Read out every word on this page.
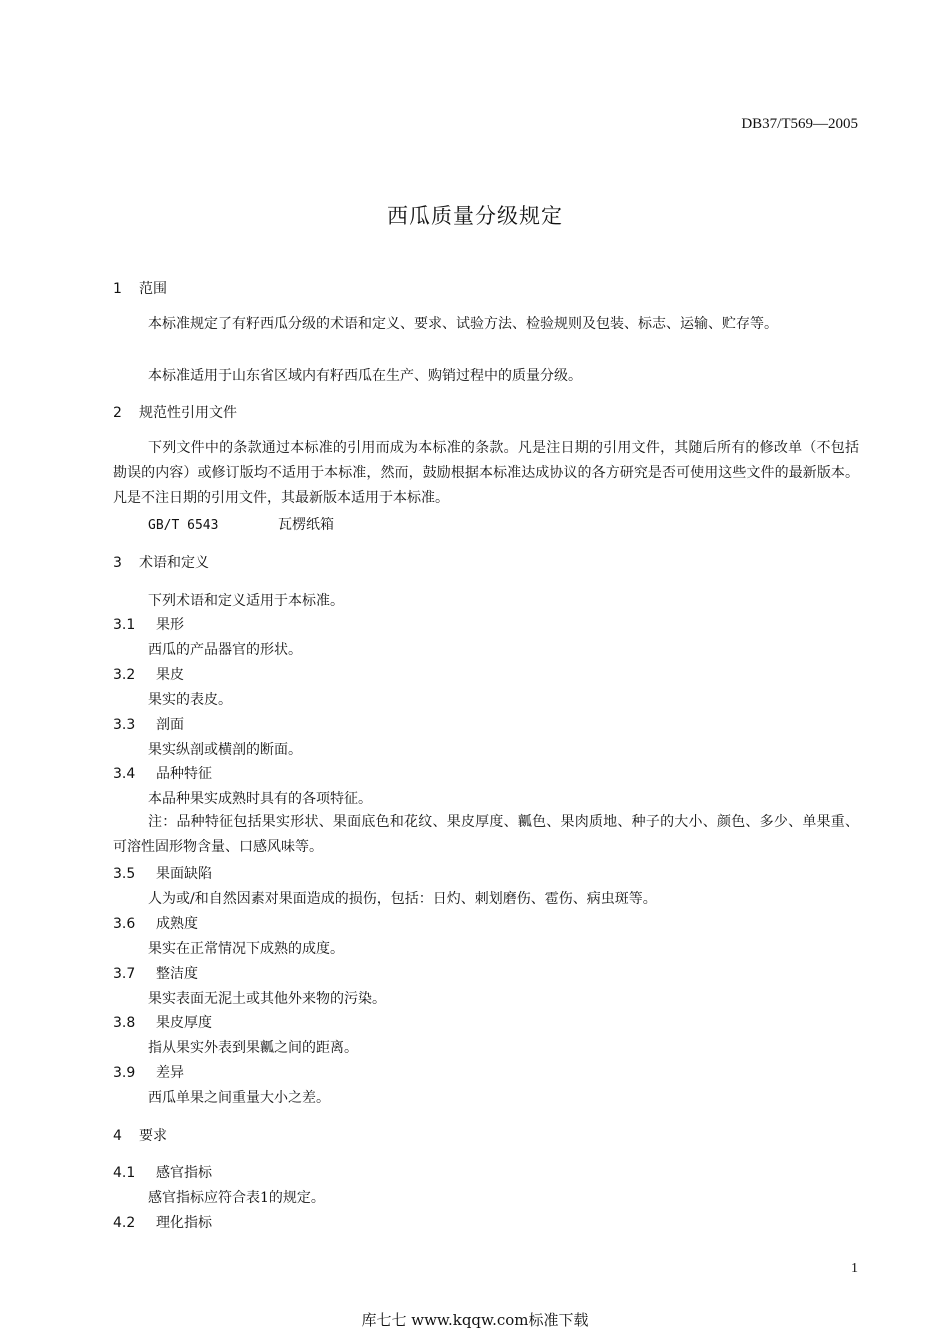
DB37/T569—2005
西瓜质量分级规定
1 范围
本标准规定了有籽西瓜分级的术语和定义、要求、试验方法、检验规则及包装、标志、运输、贮存等。
本标准适用于山东省区域内有籽西瓜在生产、购销过程中的质量分级。
2 规范性引用文件
下列文件中的条款通过本标准的引用而成为本标准的条款。凡是注日期的引用文件，其随后所有的修改单（不包括勘误的内容）或修订版均不适用于本标准，然而，鼓励根据本标准达成协议的各方研究是否可使用这些文件的最新版本。凡是不注日期的引用文件，其最新版本适用于本标准。
GB/T 6543	瓦楞纸箱
3 术语和定义
下列术语和定义适用于本标准。
3.1 果形
西瓜的产品器官的形状。
3.2 果皮
果实的表皮。
3.3 剖面
果实纵剖或横剖的断面。
3.4 品种特征
本品种果实成熟时具有的各项特征。
注：品种特征包括果实形状、果面底色和花纹、果皮厚度、瓤色、果肉质地、种子的大小、颜色、多少、单果重、可溶性固形物含量、口感风味等。
3.5 果面缺陷
人为或/和自然因素对果面造成的损伤，包括：日灼、刺划磨伤、雹伤、病虫斑等。
3.6 成熟度
果实在正常情况下成熟的成度。
3.7 整洁度
果实表面无泥土或其他外来物的污染。
3.8 果皮厚度
指从果实外表到果瓤之间的距离。
3.9 差异
西瓜单果之间重量大小之差。
4 要求
4.1 感官指标
感官指标应符合表1的规定。
4.2 理化指标
1
库七七 www.kqqw.com标准下载
